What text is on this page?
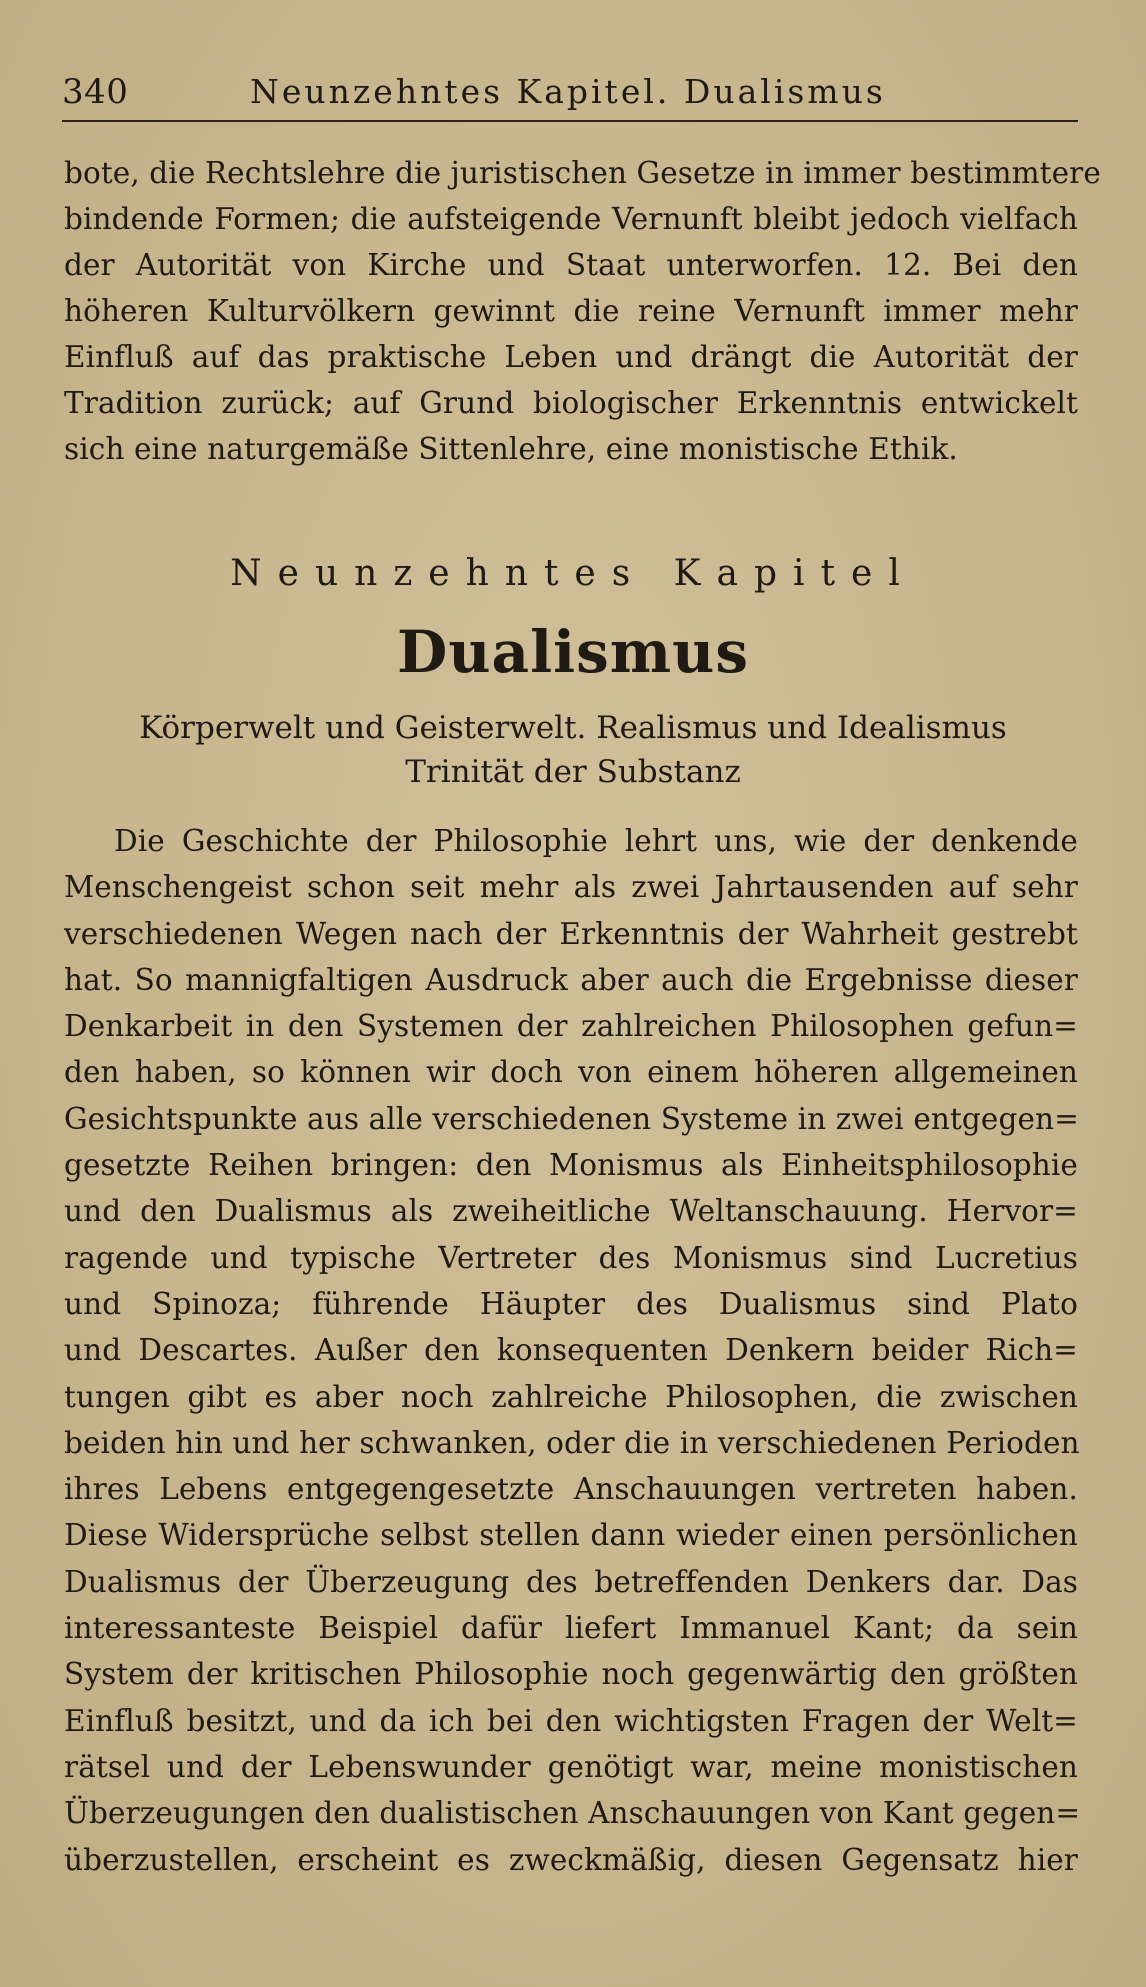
340	Neunzehntes Kapitel. Dualismus
bote, die Rechtslehre die juristischen Gesetze in immer bestimmtere
bindende Formen; die aufsteigende Vernunft bleibt jedoch vielfach
der Autorität von Kirche und Staat unterworfen. 12. Bei den
höheren Kulturvölkern gewinnt die reine Vernunft immer mehr
Einfluß auf das praktische Leben und drängt die Autorität der
Tradition zurück; auf Grund biologischer Erkenntnis entwickelt
sich eine naturgemäße Sittenlehre, eine monistische Ethik.
Neunzehntes Kapitel
Dualismus
Körperwelt und Geisterwelt. Realismus und Idealismus
Trinität der Substanz
Die Geschichte der Philosophie lehrt uns, wie der denkende
Menschengeist schon seit mehr als zwei Jahrtausenden auf sehr
verschiedenen Wegen nach der Erkenntnis der Wahrheit gestrebt
hat. So mannigfaltigen Ausdruck aber auch die Ergebnisse dieser
Denkarbeit in den Systemen der zahlreichen Philosophen gefun=
den haben, so können wir doch von einem höheren allgemeinen
Gesichtspunkte aus alle verschiedenen Systeme in zwei entgegen=
gesetzte Reihen bringen: den Monismus als Einheitsphilosophie
und den Dualismus als zweiheitliche Weltanschauung. Hervor=
ragende und typische Vertreter des Monismus sind Lucretius
und Spinoza; führende Häupter des Dualismus sind Plato
und Descartes. Außer den konsequenten Denkern beider Rich=
tungen gibt es aber noch zahlreiche Philosophen, die zwischen
beiden hin und her schwanken, oder die in verschiedenen Perioden
ihres Lebens entgegengesetzte Anschauungen vertreten haben.
Diese Widersprüche selbst stellen dann wieder einen persönlichen
Dualismus der Überzeugung des betreffenden Denkers dar. Das
interessanteste Beispiel dafür liefert Immanuel Kant; da sein
System der kritischen Philosophie noch gegenwärtig den größten
Einfluß besitzt, und da ich bei den wichtigsten Fragen der Welt=
rätsel und der Lebenswunder genötigt war, meine monistischen
Überzeugungen den dualistischen Anschauungen von Kant gegen=
überzustellen, erscheint es zweckmäßig, diesen Gegensatz hier
